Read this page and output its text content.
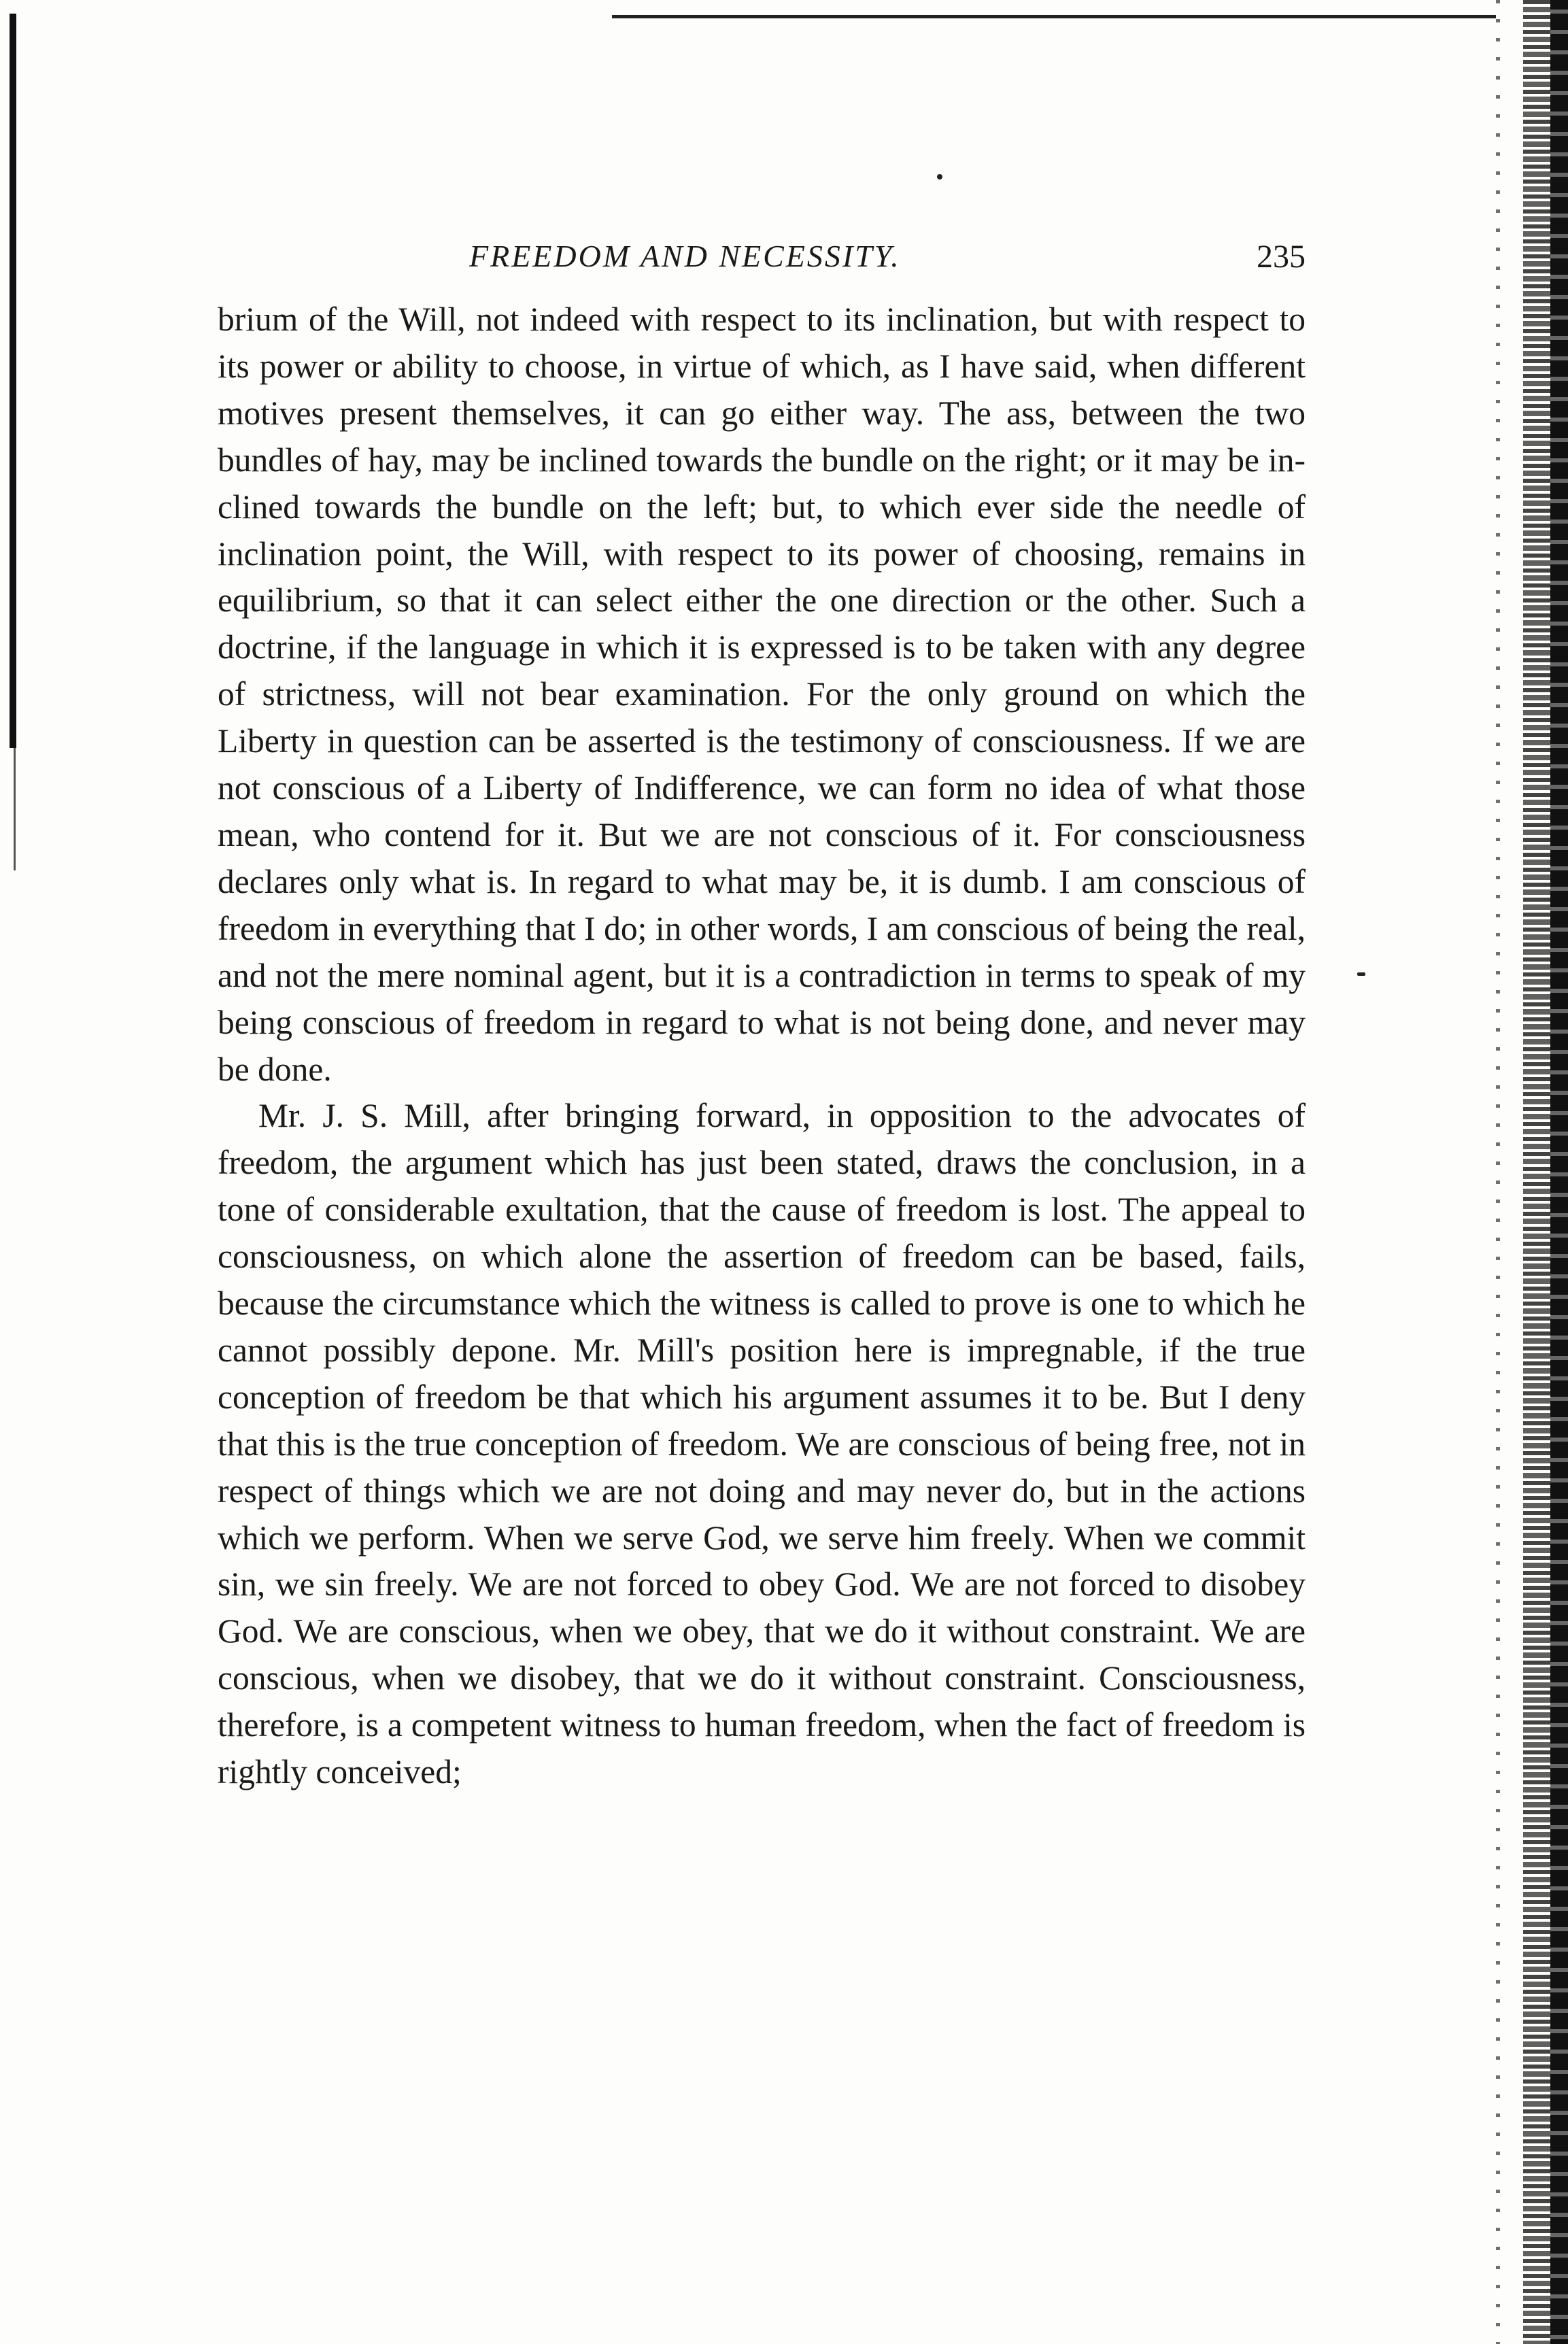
FREEDOM AND NECESSITY.	235

brium of the Will, not indeed with respect to its inclination, but with respect to its power or ability to choose, in virtue of which, as I have said, when different motives present themselves, it can go either way. The ass, between the two bundles of hay, may be inclined towards the bundle on the right; or it may be inclined towards the bundle on the left; but, to which ever side the needle of inclination point, the Will, with respect to its power of choosing, remains in equilibrium, so that it can select either the one direction or the other. Such a doctrine, if the language in which it is expressed is to be taken with any degree of strictness, will not bear examination. For the only ground on which the Liberty in question can be asserted is the testimony of consciousness. If we are not conscious of a Liberty of Indifference, we can form no idea of what those mean, who contend for it. But we are not conscious of it. For consciousness declares only what is. In regard to what may be, it is dumb. I am conscious of freedom in everything that I do; in other words, I am conscious of being the real, and not the mere nominal agent, but it is a contradiction in terms to speak of my being conscious of freedom in regard to what is not being done, and never may be done.

Mr. J. S. Mill, after bringing forward, in opposition to the advocates of freedom, the argument which has just been stated, draws the conclusion, in a tone of considerable exultation, that the cause of freedom is lost. The appeal to consciousness, on which alone the assertion of freedom can be based, fails, because the circumstance which the witness is called to prove is one to which he cannot possibly depone. Mr. Mill's position here is impregnable, if the true conception of freedom be that which his argument assumes it to be. But I deny that this is the true conception of freedom. We are conscious of being free, not in respect of things which we are not doing and may never do, but in the actions which we perform. When we serve God, we serve him freely. When we commit sin, we sin freely. We are not forced to obey God. We are not forced to disobey God. We are conscious, when we obey, that we do it without constraint. We are conscious, when we disobey, that we do it without constraint. Consciousness, therefore, is a competent witness to human freedom, when the fact of freedom is rightly conceived;
